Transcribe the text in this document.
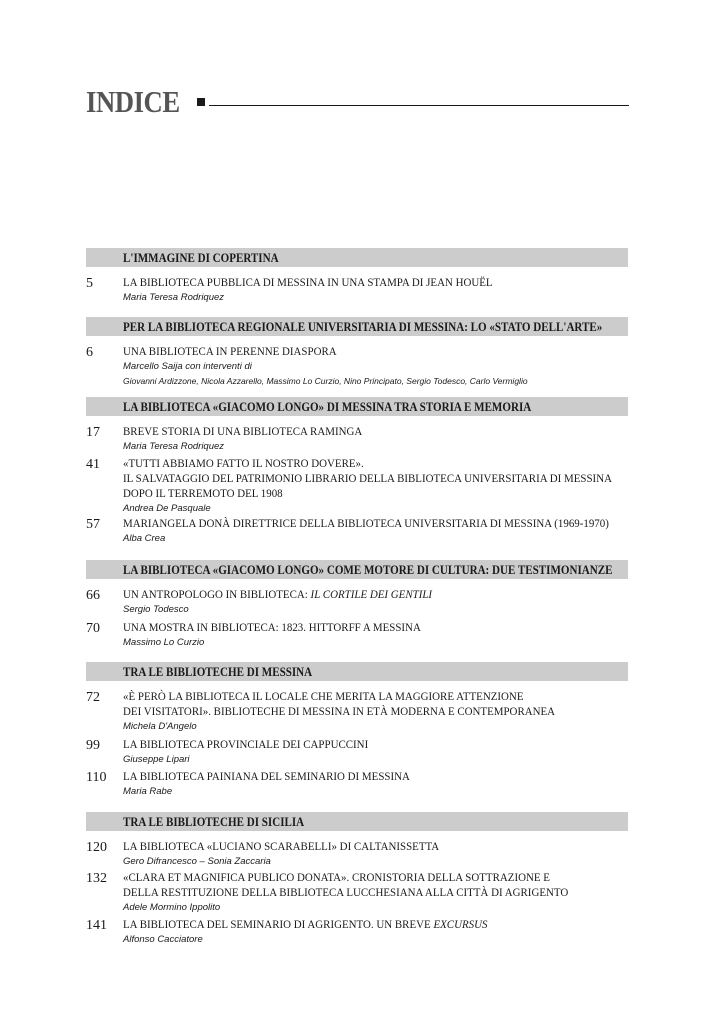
INDICE
L'IMMAGINE DI COPERTINA
5	LA BIBLIOTECA PUBBLICA DI MESSINA IN UNA STAMPA DI JEAN HOUËL
Maria Teresa Rodriquez
PER LA BIBLIOTECA REGIONALE UNIVERSITARIA DI MESSINA: LO «STATO DELL'ARTE»
6	UNA BIBLIOTECA IN PERENNE DIASPORA
Marcello Saija con interventi di
Giovanni Ardizzone, Nicola Azzarello, Massimo Lo Curzio, Nino Principato, Sergio Todesco, Carlo Vermiglio
LA BIBLIOTECA «GIACOMO LONGO» DI MESSINA TRA STORIA E MEMORIA
17 BREVE STORIA DI UNA BIBLIOTECA RAMINGA
Maria Teresa Rodriquez
41 «TUTTI ABBIAMO FATTO IL NOSTRO DOVERE».
IL SALVATAGGIO DEL PATRIMONIO LIBRARIO DELLA BIBLIOTECA UNIVERSITARIA DI MESSINA
DOPO IL TERREMOTO DEL 1908
Andrea De Pasquale
57 MARIANGELA DONÀ DIRETTRICE DELLA BIBLIOTECA UNIVERSITARIA DI MESSINA (1969-1970)
Alba Crea
LA BIBLIOTECA «GIACOMO LONGO» COME MOTORE DI CULTURA: DUE TESTIMONIANZE
66 UN ANTROPOLOGO IN BIBLIOTECA: IL CORTILE DEI GENTILI
Sergio Todesco
70 UNA MOSTRA IN BIBLIOTECA: 1823. HITTORFF A MESSINA
Massimo Lo Curzio
TRA LE BIBLIOTECHE DI MESSINA
72 «È PERÒ LA BIBLIOTECA IL LOCALE CHE MERITA LA MAGGIORE ATTENZIONE
DEI VISITATORI». BIBLIOTECHE DI MESSINA IN ETÀ MODERNA E CONTEMPORANEA
Michela D'Angelo
99 LA BIBLIOTECA PROVINCIALE DEI CAPPUCCINI
Giuseppe Lipari
110 LA BIBLIOTECA PAINIANA DEL SEMINARIO DI MESSINA
Maria Rabe
TRA LE BIBLIOTECHE DI SICILIA
120 LA BIBLIOTECA «LUCIANO SCARABELLI» DI CALTANISSETTA
Gero Difrancesco – Sonia Zaccaria
132 «CLARA ET MAGNIFICA PUBLICO DONATA». CRONISTORIA DELLA SOTTRAZIONE E
DELLA RESTITUZIONE DELLA BIBLIOTECA LUCCHESIANA ALLA CITTÀ DI AGRIGENTO
Adele Mormino Ippolito
141 LA BIBLIOTECA DEL SEMINARIO DI AGRIGENTO. UN BREVE EXCURSUS
Alfonso Cacciatore
